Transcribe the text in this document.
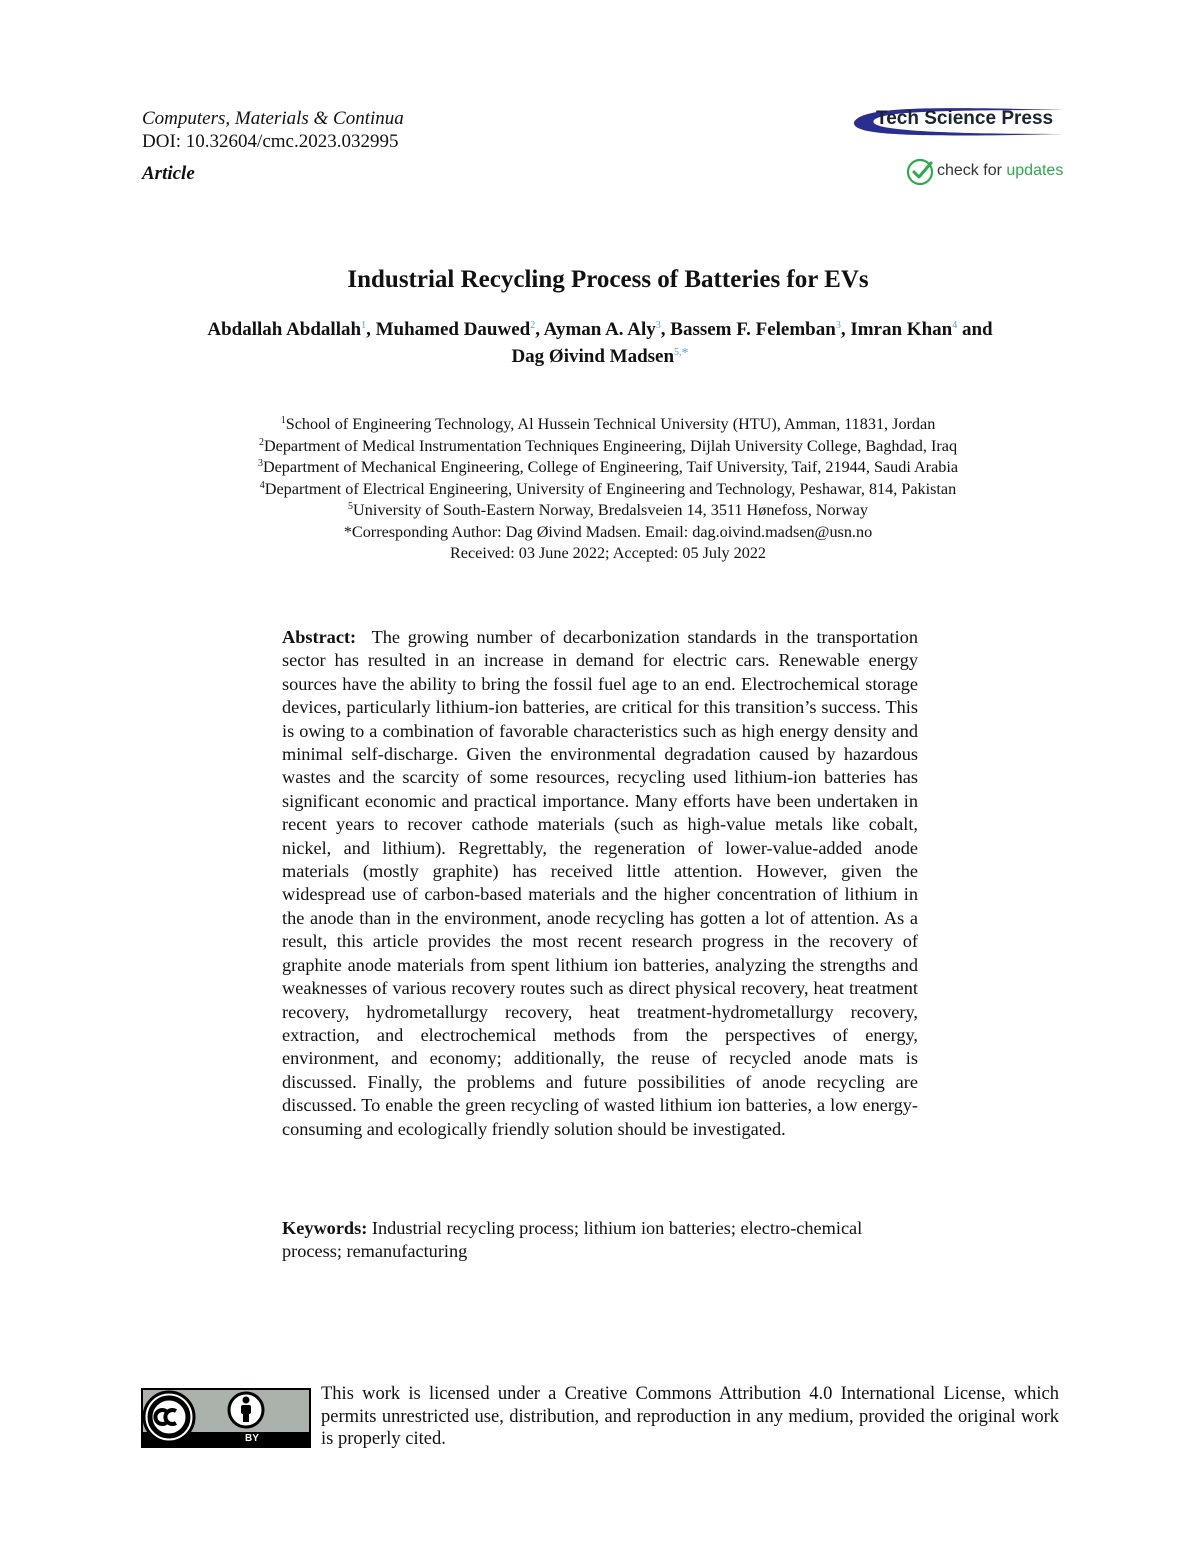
Computers, Materials & Continua
DOI: 10.32604/cmc.2023.032995
Article
Tech Science Press
check for updates
Industrial Recycling Process of Batteries for EVs
Abdallah Abdallah$^1$, Muhamed Dauwed$^2$, Ayman A. Aly$^3$, Bassem F. Felemban$^3$, Imran Khan$^4$ and
Dag Øivind Madsen$^{5,*}$
$^1$School of Engineering Technology, Al Hussein Technical University (HTU), Amman, 11831, Jordan
$^2$Department of Medical Instrumentation Techniques Engineering, Dijlah University College, Baghdad, Iraq
$^3$Department of Mechanical Engineering, College of Engineering, Taif University, Taif, 21944, Saudi Arabia
$^4$Department of Electrical Engineering, University of Engineering and Technology, Peshawar, 814, Pakistan
$^5$University of South-Eastern Norway, Bredalsveien 14, 3511 Hønefoss, Norway
*Corresponding Author: Dag Øivind Madsen. Email: dag.oivind.madsen@usn.no
Received: 03 June 2022; Accepted: 05 July 2022
Abstract: The growing number of decarbonization standards in the transportation sector has resulted in an increase in demand for electric cars. Renewable energy sources have the ability to bring the fossil fuel age to an end. Electrochemical storage devices, particularly lithium-ion batteries, are critical for this transition’s success. This is owing to a combination of favorable characteristics such as high energy density and minimal self-discharge. Given the environmental degradation caused by hazardous wastes and the scarcity of some resources, recycling used lithium-ion batteries has significant economic and practical importance. Many efforts have been undertaken in recent years to recover cathode materials (such as high-value metals like cobalt, nickel, and lithium). Regrettably, the regeneration of lower-value-added anode materials (mostly graphite) has received little attention. However, given the widespread use of carbon-based materials and the higher concentration of lithium in the anode than in the environment, anode recycling has gotten a lot of attention. As a result, this article provides the most recent research progress in the recovery of graphite anode materials from spent lithium ion batteries, analyzing the strengths and weaknesses of various recovery routes such as direct physical recovery, heat treatment recovery, hydrometallurgy recovery, heat treatment-hydrometallurgy recovery, extraction, and electrochemical methods from the perspectives of energy, environment, and economy; additionally, the reuse of recycled anode mats is discussed. Finally, the problems and future possibilities of anode recycling are discussed. To enable the green recycling of wasted lithium ion batteries, a low energy-consuming and ecologically friendly solution should be investigated.
Keywords: Industrial recycling process; lithium ion batteries; electro-chemical process; remanufacturing
BY
This work is licensed under a Creative Commons Attribution 4.0 International License, which permits unrestricted use, distribution, and reproduction in any medium, provided the original work is properly cited.
